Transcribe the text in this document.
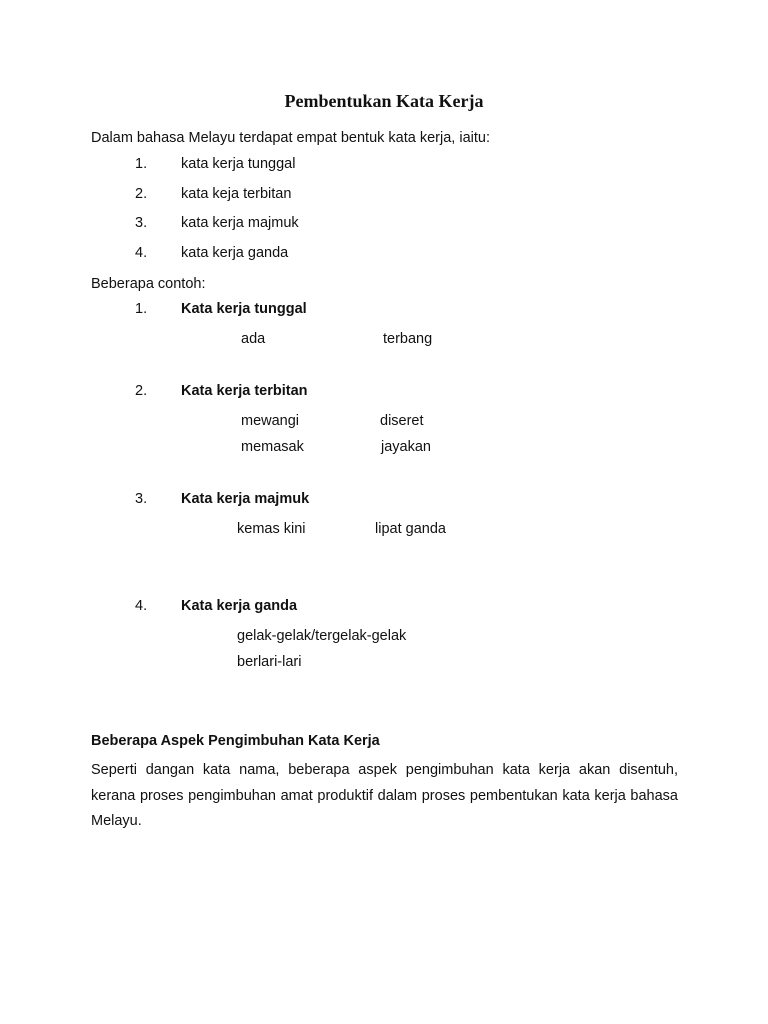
Pembentukan Kata Kerja
Dalam bahasa Melayu terdapat empat bentuk kata kerja, iaitu:
1. kata kerja tunggal
2. kata keja terbitan
3. kata kerja majmuk
4. kata kerja ganda
Beberapa contoh:
1. Kata kerja tunggal
ada	terbang
2. Kata kerja terbitan
mewangi	diseret
memasak	jayakan
3. Kata kerja majmuk
kemas kini	lipat ganda
4. Kata kerja ganda
gelak-gelak/tergelak-gelak
berlari-lari
Beberapa Aspek Pengimbuhan Kata Kerja
Seperti dangan kata nama, beberapa aspek pengimbuhan kata kerja akan disentuh, kerana proses pengimbuhan amat produktif dalam proses pembentukan kata kerja bahasa Melayu.
